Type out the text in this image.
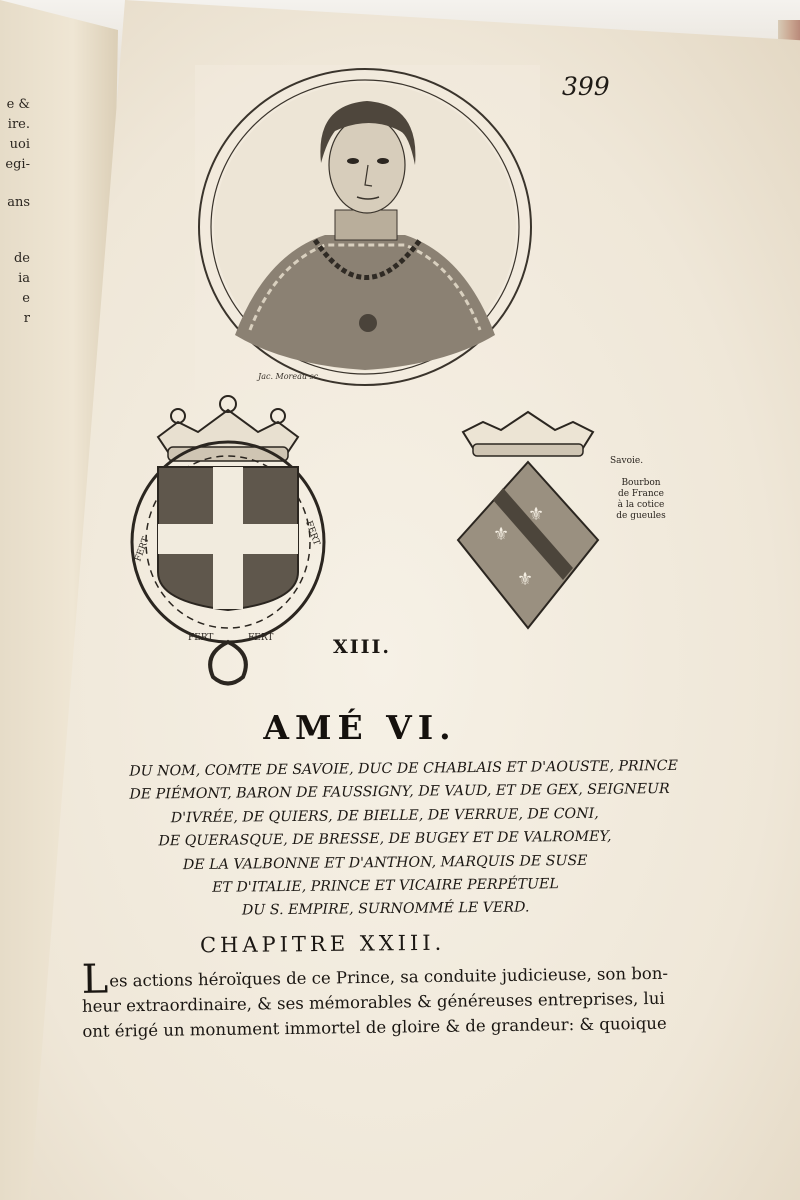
e &
ire.
uoi
egi-
ans
de
ia
e
r
399
Jac. Moreau sc.
FERT
FERT
FERT	FERT
⚜
⚜
⚜
Savoie.
Bourbon
de France
à la cotice
de gueules
XIII.
AMÉ VI.
DU NOM, COMTE DE SAVOIE, DUC DE CHABLAIS ET D'AOUSTE, PRINCE
DE PIÉMONT, BARON DE FAUSSIGNY, DE VAUD, ET DE GEX, SEIGNEUR
D'IVRÉE, DE QUIERS, DE BIELLE, DE VERRUE, DE CONI,
DE QUERASQUE, DE BRESSE, DE BUGEY ET DE VALROMEY,
DE LA VALBONNE ET D'ANTHON, MARQUIS DE SUSE
ET D'ITALIE, PRINCE ET VICAIRE PERPÉTUEL
DU S. EMPIRE, SURNOMMÉ LE VERD.
CHAPITRE XXIII.
Les actions héroïques de ce Prince, sa conduite judicieuse, son bon-
heur extraordinaire, & ses mémorables & généreuses entreprises, lui
ont érigé un monument immortel de gloire & de grandeur: & quoique
